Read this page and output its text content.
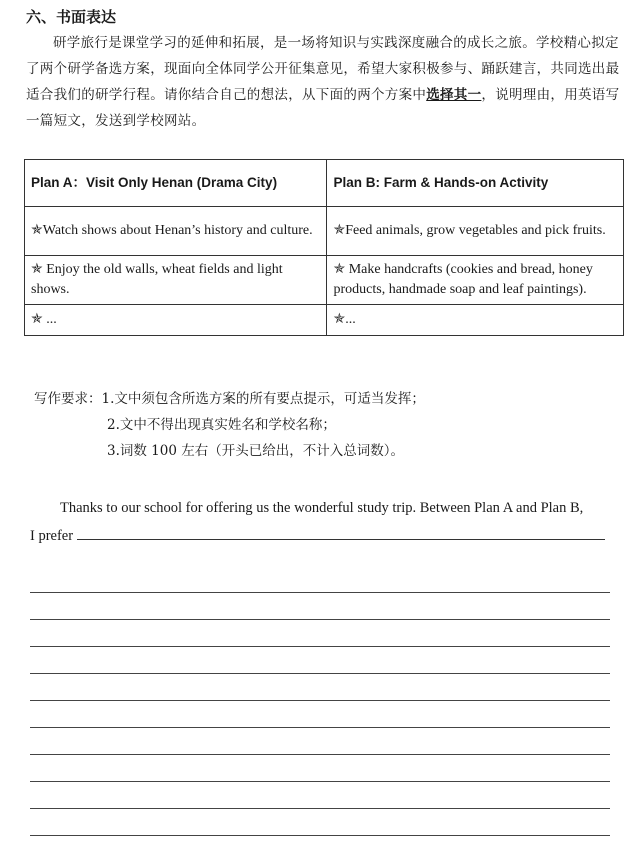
六、书面表达
研学旅行是课堂学习的延伸和拓展，是一场将知识与实践深度融合的成长之旅。学校精心拟定了两个研学备选方案，现面向全体同学公开征集意见，希望大家积极参与、踊跃建言，共同选出最适合我们的研学行程。请你结合自己的想法，从下面的两个方案中选择其一，说明理由，用英语写一篇短文，发送到学校网站。
Plan A：Visit Only Henan (Drama City)	Plan B: Farm & Hands-on Activity
✯Watch shows about Henan’s history and culture.	✯Feed animals, grow vegetables and pick fruits.
✯ Enjoy the old walls, wheat fields and light shows.	✯ Make handcrafts (cookies and bread, honey products, handmade soap and leaf paintings).
✯ ...	✯...
写作要求：1.文中须包含所选方案的所有要点提示，可适当发挥；
2.文中不得出现真实姓名和学校名称；
3.词数 100 左右（开头已给出，不计入总词数）。
Thanks to our school for offering us the wonderful study trip. Between Plan A and Plan B,
I prefer
